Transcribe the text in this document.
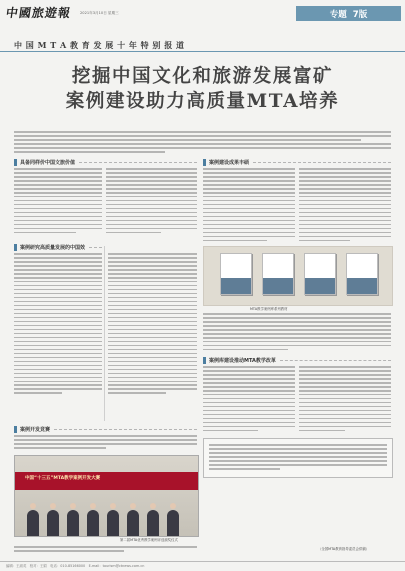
中國旅遊報 2021年3月10日 星期三	专题 7版
中 国 M T A 教 育 发 展 十 年 特 别 报 道
挖掘中国文化和旅游发展富矿
案例建设助力高质量MTA培养
具备同样价中国文旅价值
案例研究高质量发展的中国效
案例开发竞赛
中国“十三五”MTA教学案例开发大赛
第二届MTA优秀教学案例评选颁奖仪式
案例建设成果丰硕
MTA教学案例库系列教材
案例库建设推动MTA教学改革
（全国MTA教育指导委员会供稿）
编辑：王淑英　校对：王娟　电话：010-85166000　E-mail：tourism@ctnews.com.cn
